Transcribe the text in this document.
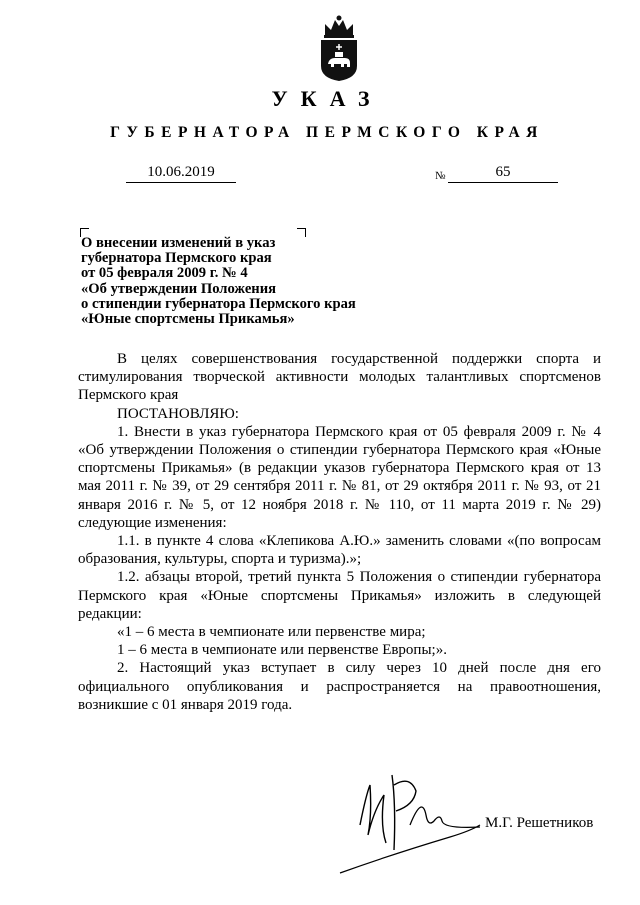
УКАЗ
ГУБЕРНАТОРА ПЕРМСКОГО КРАЯ
10.06.2019	№	65
О внесении изменений в указ
губернатора Пермского края
от 05 февраля 2009 г. № 4
«Об утверждении Положения
о стипендии губернатора Пермского края
«Юные спортсмены Прикамья»
В целях совершенствования государственной поддержки спорта и стимулирования творческой активности молодых талантливых спортсменов Пермского края
ПОСТАНОВЛЯЮ:
1. Внести в указ губернатора Пермского края от 05 февраля 2009 г. № 4 «Об утверждении Положения о стипендии губернатора Пермского края «Юные спортсмены Прикамья» (в редакции указов губернатора Пермского края от 13 мая 2011 г. № 39, от 29 сентября 2011 г. № 81, от 29 октября 2011 г. № 93, от 21 января 2016 г. № 5, от 12 ноября 2018 г. № 110, от 11 марта 2019 г. № 29) следующие изменения:
1.1. в пункте 4 слова «Клепикова А.Ю.» заменить словами «(по вопросам образования, культуры, спорта и туризма).»;
1.2. абзацы второй, третий пункта 5 Положения о стипендии губернатора Пермского края «Юные спортсмены Прикамья» изложить в следующей редакции:
«1 – 6 места в чемпионате или первенстве мира;
1 – 6 места в чемпионате или первенстве Европы;».
2. Настоящий указ вступает в силу через 10 дней после дня его официального опубликования и распространяется на правоотношения, возникшие с 01 января 2019 года.
М.Г. Решетников
